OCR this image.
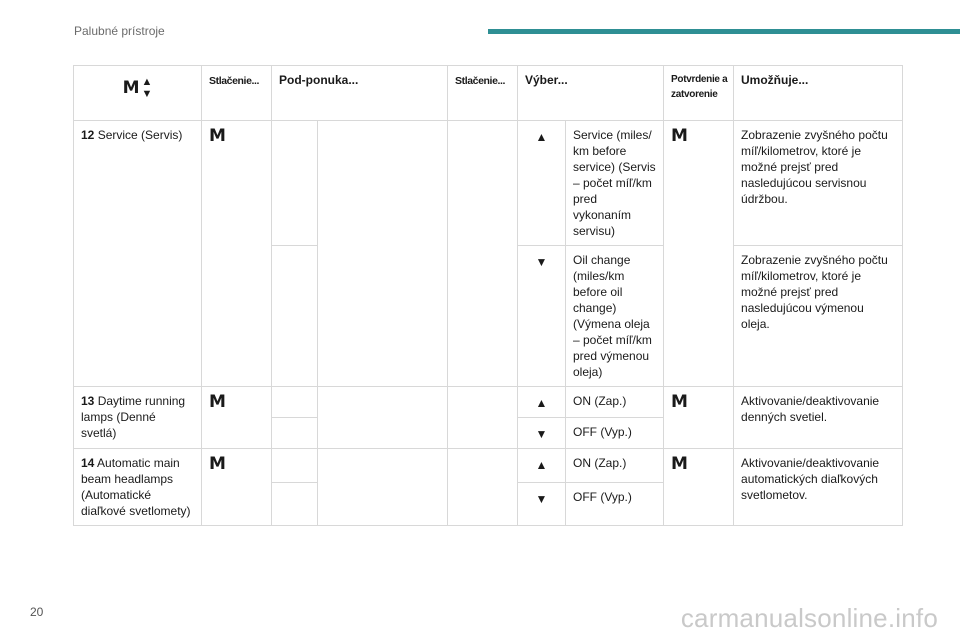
Palubné prístroje
M ▲
▼	Stlačenie...	Pod-ponuka...		Stlačenie...	Výber...		Potvrdenie a zatvorenie	Umožňuje...
12 Service (Servis)	M				▲	Service (miles/ km before service) (Servis – počet míľ/km pred vykonaním servisu)	M	Zobrazenie zvyšného počtu míľ/kilometrov, ktoré je možné prejsť pred nasledujúcou servisnou údržbou.

					▼	Oil change (miles/km before oil change) (Výmena oleja – počet míľ/km pred výmenou oleja)		Zobrazenie zvyšného počtu míľ/kilometrov, ktoré je možné prejsť pred nasledujúcou výmenou oleja.
13 Daytime running lamps (Denné svetlá)	M				▲	ON (Zap.)	M	Aktivovanie/deaktivovanie denných svetiel.

					▼	OFF (Vyp.)		
14 Automatic main beam headlamps (Automatické diaľkové svetlomety)	M				▲	ON (Zap.)	M	Aktivovanie/deaktivovanie automatických diaľkových svetlometov.

					▼	OFF (Vyp.)		
20	carmanualsonline.info
